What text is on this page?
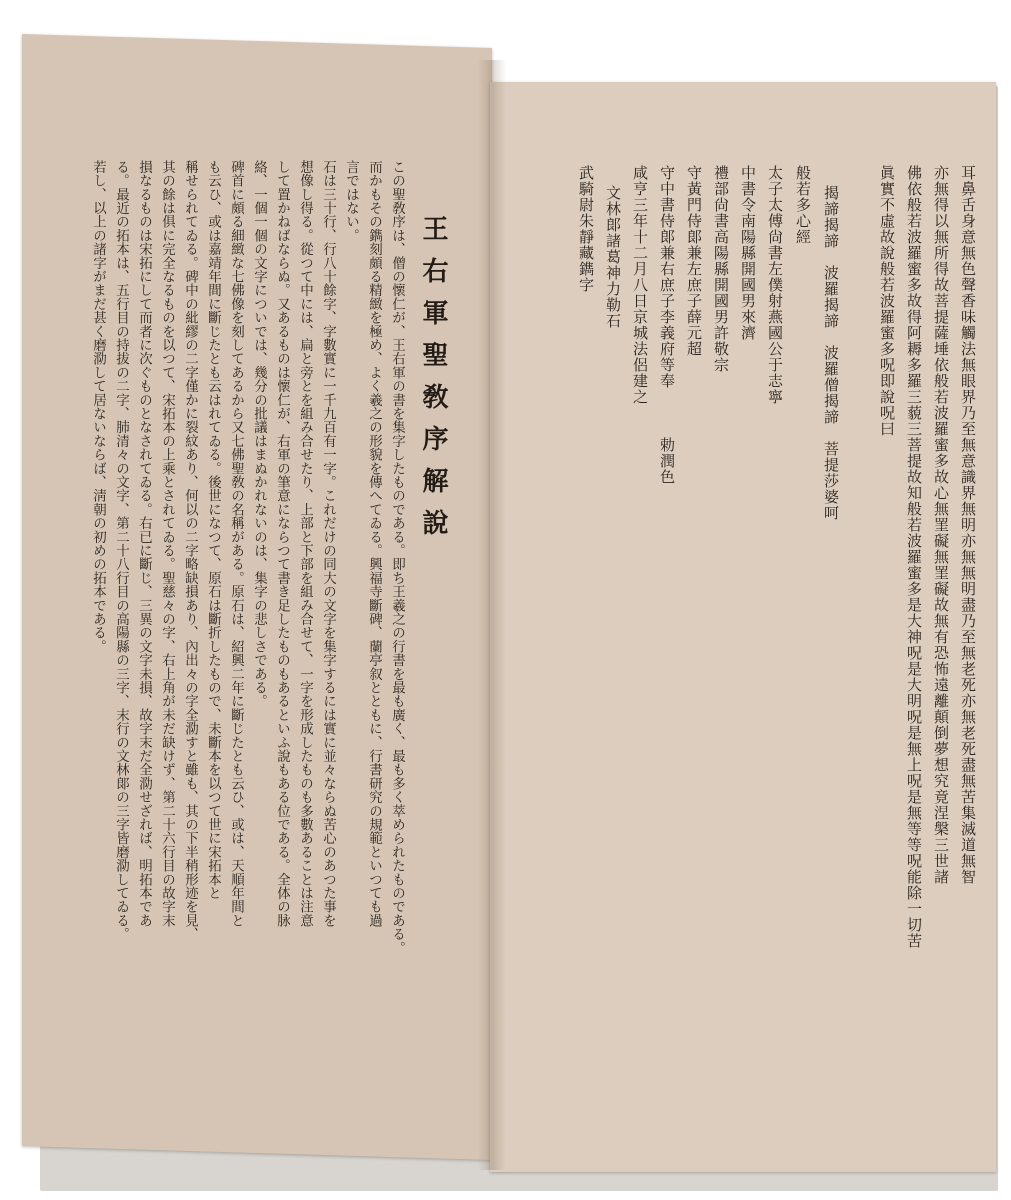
耳鼻舌身意無色聲香味觸法無眼界乃至無意識界無明亦無無明盡乃至無老死亦無老死盡無苦集滅道無智
亦無得以無所得故菩提薩埵依般若波羅蜜多故心無罣礙無罣礙故無有恐怖遠離顛倒夢想究竟涅槃三世諸
佛依般若波羅蜜多故得阿耨多羅三藐三菩提故知般若波羅蜜多是大神呪是大明呪是無上呪是無等等呪能除一切苦
眞實不虛故說般若波羅蜜多呪即說呪曰
揭諦揭諦　波羅揭諦　波羅僧揭諦　菩提莎婆呵
般若多心經
太子太傅尙書左僕射燕國公于志寧
中書令南陽縣開國男來濟
禮部尙書高陽縣開國男許敬宗
守黃門侍郞兼左庶子薛元超
守中書侍郞兼右庶子李義府等奉　　　勅潤色
咸亨三年十二月八日京城法侶建之
文林郞諸葛神力勒石
武騎尉朱靜藏鐫字
王右軍聖敎序解說
この聖敎序は、僧の懷仁が、王右軍の書を集字したものである。即ち王羲之の行書を最も廣く、最も多く萃められたものである。
而かもその鐫刻頗る精緻を極め、よく羲之の形貌を傳へてゐる。興福寺斷碑、蘭亭叙とともに、行書研究の規範といつても過
言ではない。
石は三十行、行八十餘字、字數實に一千九百有一字。これだけの同大の文字を集字するには實に並々ならぬ苦心のあつた事を
想像し得る。從つて中には、扁と旁とを組み合せたり、上部と下部を組み合せて、一字を形成したものも多數あることは注意
して置かねばならぬ。又あるものは懷仁が、右軍の筆意にならつて書き足したものもあるといふ說もある位である。全体の脉
絡、一個一個の文字についでは、幾分の批議はまぬかれないのは、集字の悲しさである。
碑首に頗る細緻な七佛像を刻してあるから又七佛聖敎の名稱がある。原石は、紹興二年に斷じたとも云ひ、或は、天順年間と
も云ひ、或は嘉靖年間に斷じたとも云はれてゐる。後世になつて、原石は斷折したもので、未斷本を以つて世に宋拓本と
稱せられてゐる。碑中の紕繆の二字僅かに裂紋あり、何以の二字略缺損あり、內出々の字全泐すと雖も、其の下半稍形迹を見、
其の餘は俱に完全なるものを以つて、宋拓本の上乘とされてゐる。聖慈々の字、右上角が未だ缺けず、第二十六行目の故字末
損なるものは宋拓にして而者に次ぐものとなされてゐる。右已に斷じ、三異の文字未損、故字末だ全泐せざれば、明拓本であ
る。最近の拓本は、五行目の持拔の二字、肺清々の文字、第二十八行目の高陽縣の三字、末行の文林郞の三字皆磨泐してゐる。
若し、以上の諸字がまだ甚く磨泐して居ないならば、淸朝の初めの拓本である。
